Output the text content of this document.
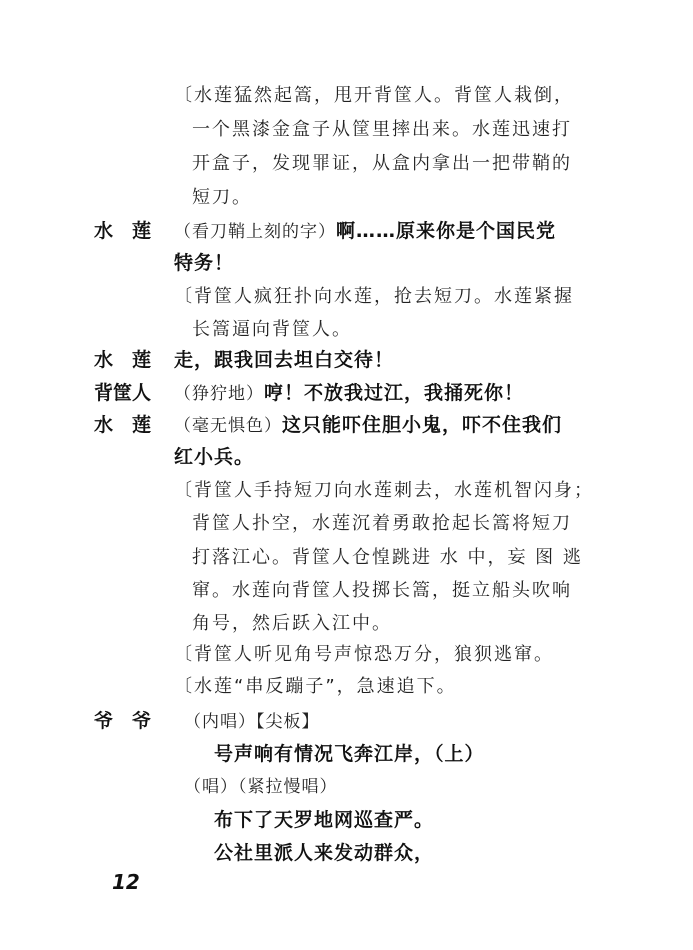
〔水莲猛然起篙，甩开背筐人。背筐人栽倒，
一个黑漆金盒子从筐里摔出来。水莲迅速打
开盒子，发现罪证，从盒内拿出一把带鞘的
短刀。
水　莲 （看刀鞘上刻的字）啊……原来你是个国民党
特务！
〔背筐人疯狂扑向水莲，抢去短刀。水莲紧握
长篙逼向背筐人。
水　莲 走，跟我回去坦白交待！
背筐人 （狰狞地）哼！不放我过江，我捅死你！
水　莲 （毫无惧色）这只能吓住胆小鬼，吓不住我们
红小兵。
〔背筐人手持短刀向水莲刺去，水莲机智闪身；
背筐人扑空，水莲沉着勇敢抢起长篙将短刀
打落江心。背筐人仓惶跳进 水 中，妄 图 逃
窜。水莲向背筐人投掷长篙，挺立船头吹响
角号，然后跃入江中。
〔背筐人听见角号声惊恐万分，狼狈逃窜。
〔水莲“串反蹦子”，急速追下。
爷　爷 （内唱）【尖板】
号声响有情况飞奔江岸，（上）
（唱）（紧拉慢唱）
布下了天罗地网巡查严。
公社里派人来发动群众，
12
